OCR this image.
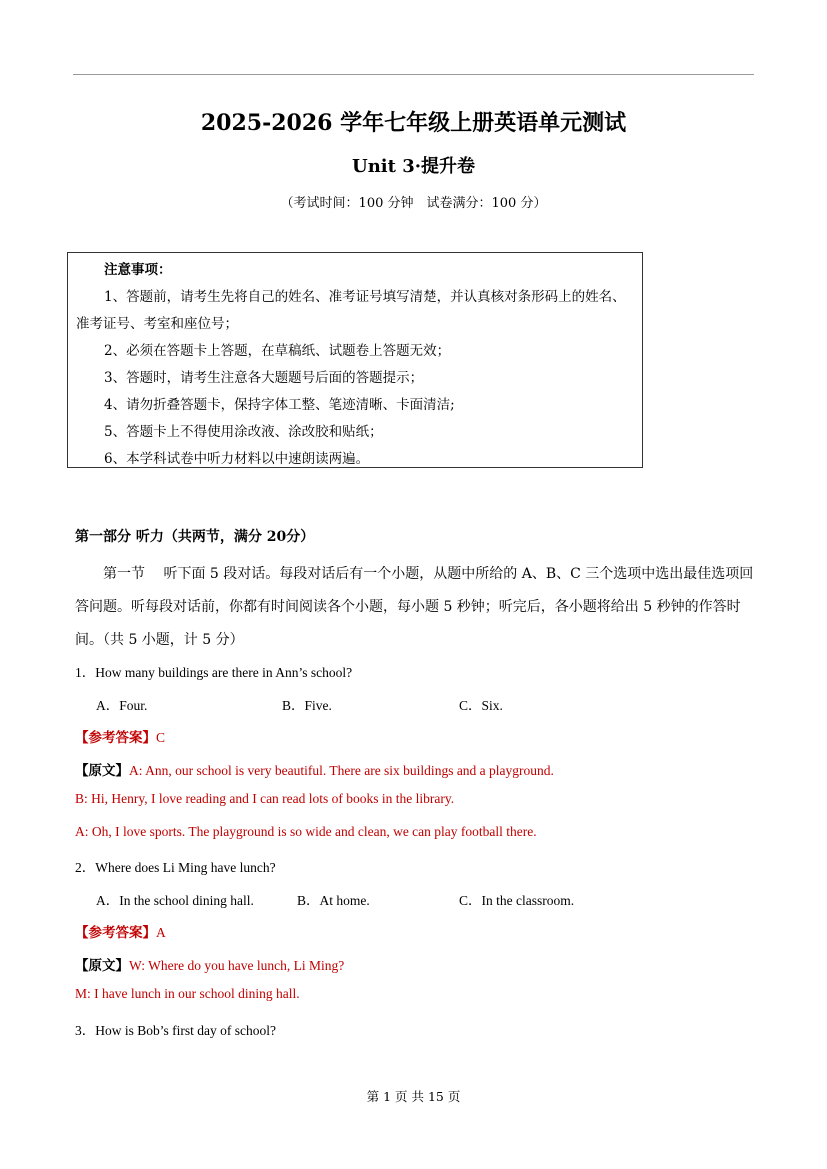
2025-2026 学年七年级上册英语单元测试
Unit 3·提升卷
（考试时间：100 分钟　试卷满分：100 分）
注意事项：
1、答题前，请考生先将自己的姓名、准考证号填写清楚，并认真核对条形码上的姓名、准考证号、考室和座位号；
2、必须在答题卡上答题，在草稿纸、试题卷上答题无效；
3、答题时，请考生注意各大题题号后面的答题提示；
4、请勿折叠答题卡，保持字体工整、笔迹清晰、卡面清洁;
5、答题卡上不得使用涂改液、涂改胶和贴纸；
6、本学科试卷中听力材料以中速朗读两遍。
第一部分 听力（共两节，满分 20分）
第一节　 听下面 5 段对话。每段对话后有一个小题，从题中所给的 A、B、C 三个选项中选出最佳选项回答问题。听每段对话前，你都有时间阅读各个小题，每小题 5 秒钟；听完后，各小题将给出 5 秒钟的作答时间。（共 5 小题，计 5 分）
1．How many buildings are there in Ann’s school?
A．Four.	B．Five.	C．Six.
【参考答案】C
【原文】A: Ann, our school is very beautiful. There are six buildings and a playground.
B: Hi, Henry, I love reading and I can read lots of books in the library.
A: Oh, I love sports. The playground is so wide and clean, we can play football there.
2．Where does Li Ming have lunch?
A．In the school dining hall.	B．At home.	C．In the classroom.
【参考答案】A
【原文】W: Where do you have lunch, Li Ming?
M: I have lunch in our school dining hall.
3．How is Bob’s first day of school?
第 1 页 共 15 页
